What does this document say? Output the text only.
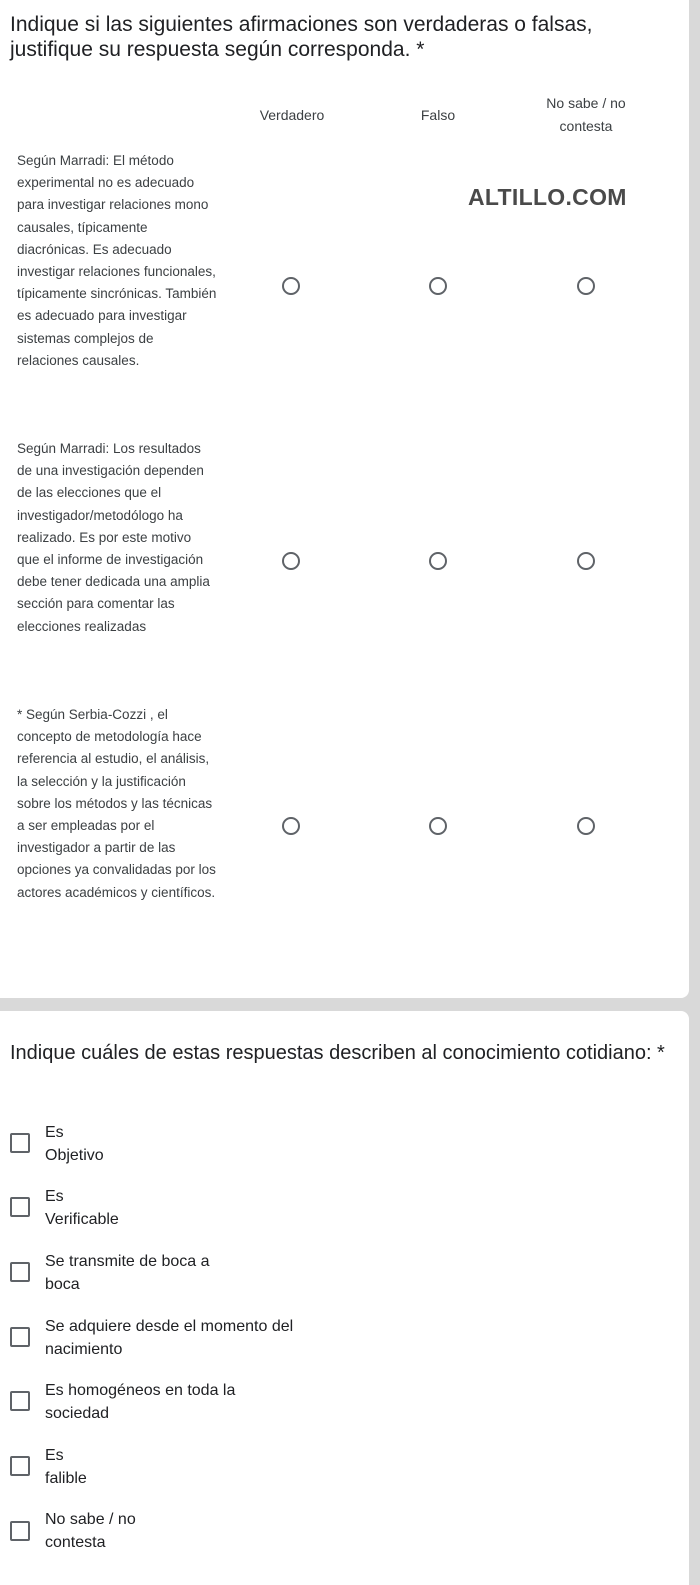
Indique si las siguientes afirmaciones son verdaderas o falsas, justifique su respuesta según corresponda. *
Verdadero	Falso
No sabe / no contesta
ALTILLO.COM
Según Marradi: El método experimental no es adecuado para investigar relaciones mono causales, típicamente diacrónicas. Es adecuado investigar relaciones funcionales, típicamente sincrónicas. También es adecuado para investigar sistemas complejos de relaciones causales.
Según Marradi: Los resultados de una investigación dependen de las elecciones que el investigador/metodólogo ha realizado. Es por este motivo que el informe de investigación debe tener dedicada una amplia sección para comentar las elecciones realizadas
* Según Serbia-Cozzi , el concepto de metodología hace referencia al estudio, el análisis, la selección y la justificación sobre los métodos y las técnicas a ser empleadas por el investigador a partir de las opciones ya convalidadas por los actores académicos y científicos.
Indique cuáles de estas respuestas describen al conocimiento cotidiano: *
Es
Objetivo
Es
Verificable
Se transmite de boca a
boca
Se adquiere desde el momento del
nacimiento
Es homogéneos en toda la
sociedad
Es
falible
No sabe / no
contesta
